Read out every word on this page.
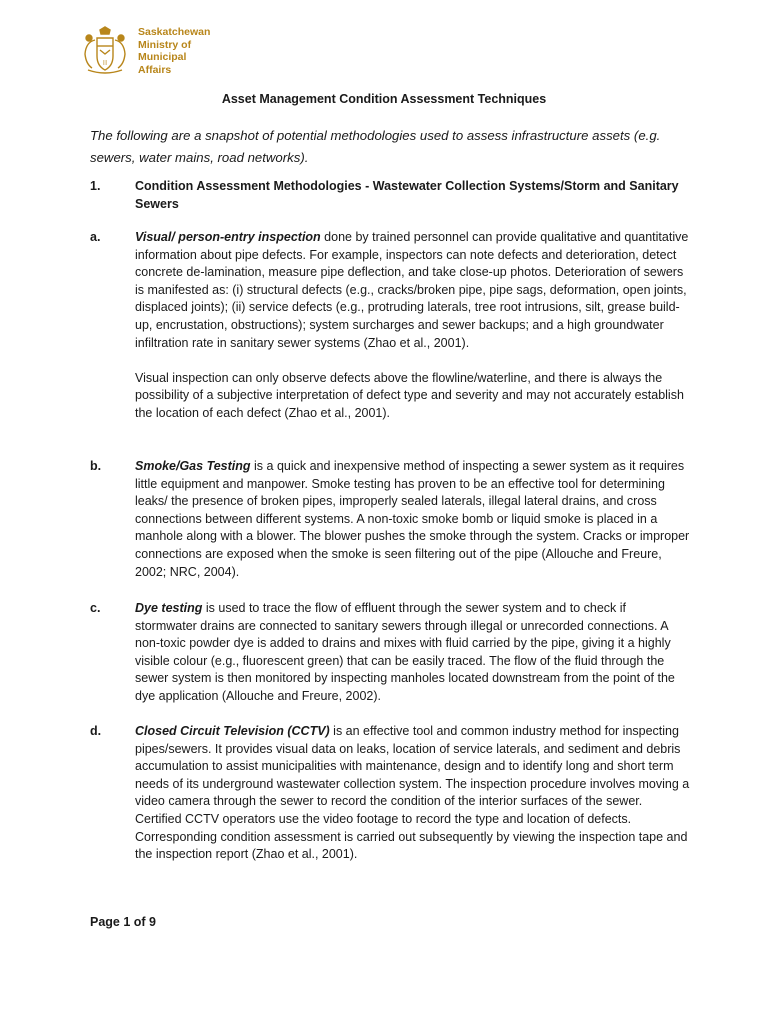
|||
Saskatchewan
Ministry of
Municipal
Affairs
Asset Management Condition Assessment Techniques
The following are a snapshot of potential methodologies used to assess infrastructure assets (e.g. sewers, water mains, road networks).
1.	Condition Assessment Methodologies - Wastewater Collection Systems/Storm and Sanitary Sewers
a.	Visual/ person-entry inspection done by trained personnel can provide qualitative and quantitative information about pipe defects. For example, inspectors can note defects and deterioration, detect concrete de-lamination, measure pipe deflection, and take close-up photos. Deterioration of sewers is manifested as: (i) structural defects (e.g., cracks/broken pipe, pipe sags, deformation, open joints, displaced joints); (ii) service defects (e.g., protruding laterals, tree root intrusions, silt, grease build-up, encrustation, obstructions); system surcharges and sewer backups; and a high groundwater infiltration rate in sanitary sewer systems (Zhao et al., 2001).

Visual inspection can only observe defects above the flowline/waterline, and there is always the possibility of a subjective interpretation of defect type and severity and may not accurately establish the location of each defect (Zhao et al., 2001).

b.	Smoke/Gas Testing is a quick and inexpensive method of inspecting a sewer system as it requires little equipment and manpower. Smoke testing has proven to be an effective tool for determining leaks/ the presence of broken pipes, improperly sealed laterals, illegal lateral drains, and cross connections between different systems. A non-toxic smoke bomb or liquid smoke is placed in a manhole along with a blower. The blower pushes the smoke through the system. Cracks or improper connections are exposed when the smoke is seen filtering out of the pipe (Allouche and Freure, 2002; NRC, 2004).

c.	Dye testing is used to trace the flow of effluent through the sewer system and to check if stormwater drains are connected to sanitary sewers through illegal or unrecorded connections. A non-toxic powder dye is added to drains and mixes with fluid carried by the pipe, giving it a highly visible colour (e.g., fluorescent green) that can be easily traced. The flow of the fluid through the sewer system is then monitored by inspecting manholes located downstream from the point of the dye application (Allouche and Freure, 2002).

d.	Closed Circuit Television (CCTV) is an effective tool and common industry method for inspecting pipes/sewers. It provides visual data on leaks, location of service laterals, and sediment and debris accumulation to assist municipalities with maintenance, design and to identify long and short term needs of its underground wastewater collection system. The inspection procedure involves moving a video camera through the sewer to record the condition of the interior surfaces of the sewer. Certified CCTV operators use the video footage to record the type and location of defects. Corresponding condition assessment is carried out subsequently by viewing the inspection tape and the inspection report (Zhao et al., 2001).

Page 1 of 9
